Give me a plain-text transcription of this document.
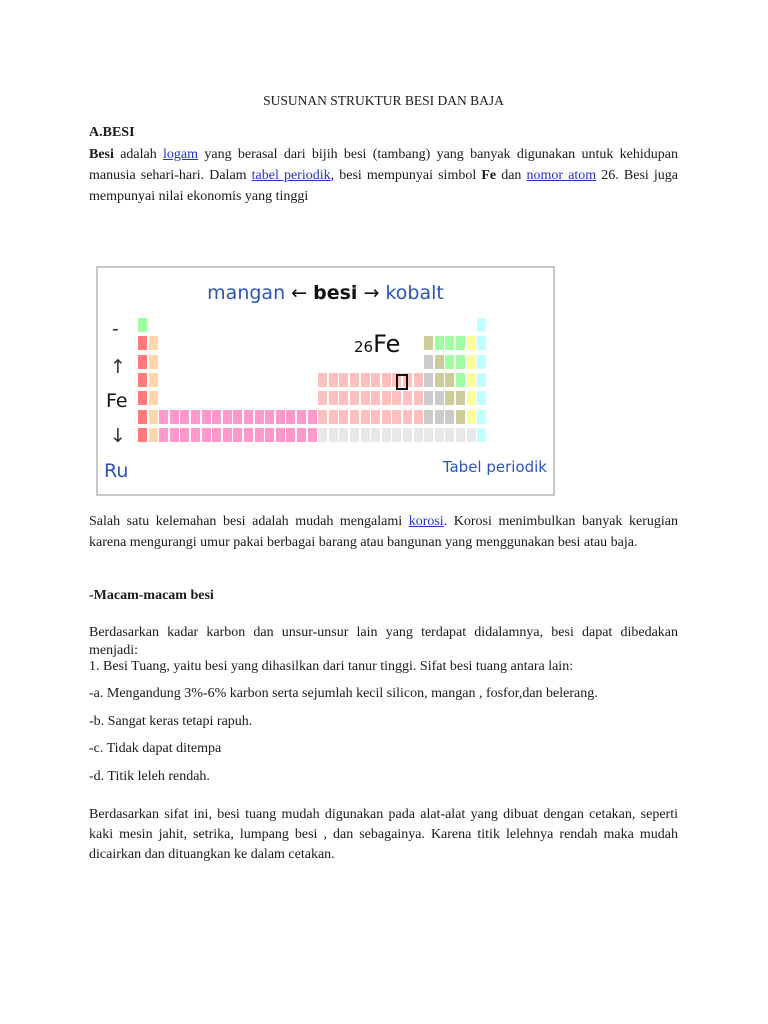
SUSUNAN STRUKTUR BESI DAN BAJA
A.BESI
Besi adalah logam yang berasal dari bijih besi (tambang) yang banyak digunakan untuk kehidupan manusia sehari-hari. Dalam tabel periodik, besi mempunyai simbol Fe dan nomor atom 26. Besi juga mempunyai nilai ekonomis yang tinggi
Salah satu kelemahan besi adalah mudah mengalami korosi. Korosi menimbulkan banyak kerugian karena mengurangi umur pakai berbagai barang atau bangunan yang menggunakan besi atau baja.
-Macam-macam besi
Berdasarkan kadar karbon dan unsur-unsur lain yang terdapat didalamnya, besi dapat dibedakan menjadi:
1. Besi Tuang, yaitu besi yang dihasilkan dari tanur tinggi. Sifat besi tuang antara lain:
-a. Mengandung 3%-6% karbon serta sejumlah kecil silicon, mangan , fosfor,dan belerang.
-b. Sangat keras tetapi rapuh.
-c. Tidak dapat ditempa
-d. Titik leleh rendah.
Berdasarkan sifat ini, besi tuang mudah digunakan pada alat-alat yang dibuat dengan cetakan, seperti kaki mesin jahit, setrika, lumpang besi , dan sebagainya. Karena titik lelehnya rendah maka mudah dicairkan dan dituangkan ke dalam cetakan.
mangan ← besi → kobalt
-
↑
Fe
↓
Ru
26Fe
Tabel periodik
